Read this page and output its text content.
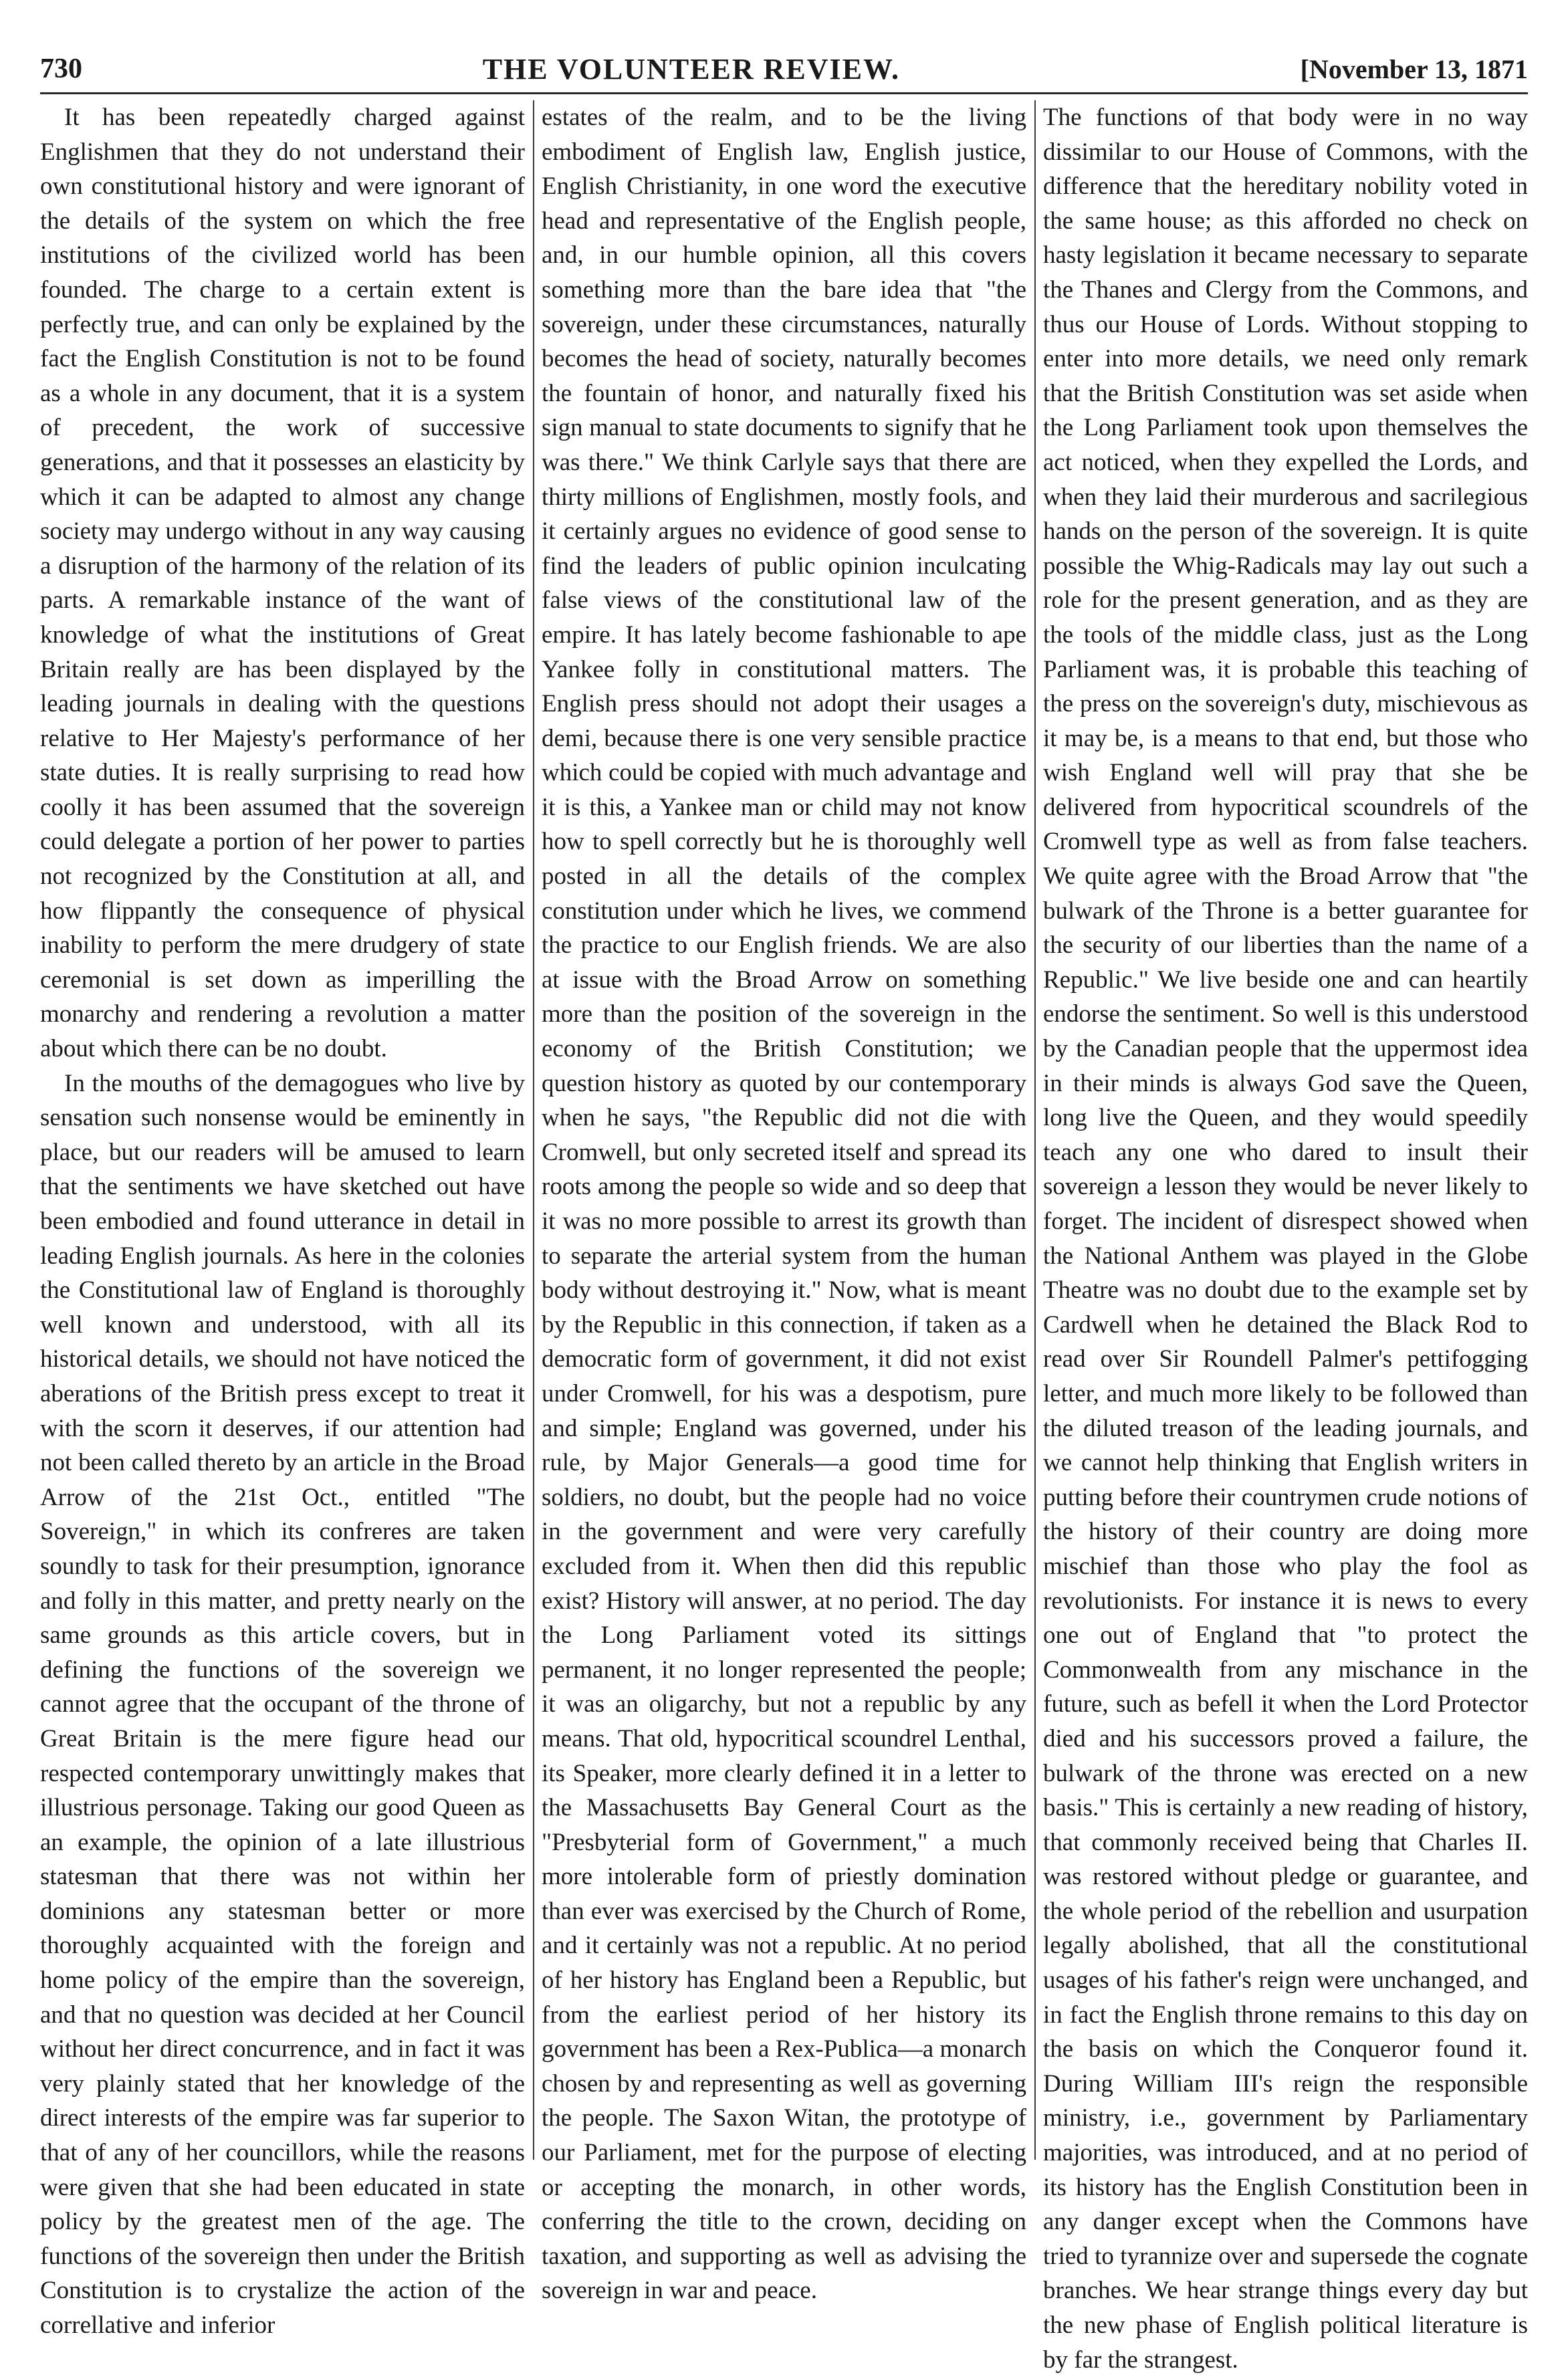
730	THE VOLUNTEER REVIEW.	[November 13, 1871

It has been repeatedly charged against Englishmen that they do not understand their own constitutional history and were ignorant of the details of the system on which the free institutions of the civilized world has been founded. The charge to a certain extent is perfectly true, and can only be explained by the fact the English Constitution is not to be found as a whole in any document, that it is a system of precedent, the work of successive generations, and that it possesses an elasticity by which it can be adapted to almost any change society may undergo without in any way causing a disruption of the harmony of the relation of its parts. A remarkable instance of the want of knowledge of what the institutions of Great Britain really are has been displayed by the leading journals in dealing with the questions relative to Her Majesty's performance of her state duties. It is really surprising to read how coolly it has been assumed that the sovereign could delegate a portion of her power to parties not recognized by the Constitution at all, and how flippantly the consequence of physical inability to perform the mere drudgery of state ceremonial is set down as imperilling the monarchy and rendering a revolution a matter about which there can be no doubt.

In the mouths of the demagogues who live by sensation such nonsense would be eminently in place, but our readers will be amused to learn that the sentiments we have sketched out have been embodied and found utterance in detail in leading English journals. As here in the colonies the Constitutional law of England is thoroughly well known and understood, with all its historical details, we should not have noticed the aberations of the British press except to treat it with the scorn it deserves, if our attention had not been called thereto by an article in the Broad Arrow of the 21st Oct., entitled "The Sovereign," in which its confreres are taken soundly to task for their presumption, ignorance and folly in this matter, and pretty nearly on the same grounds as this article covers, but in defining the functions of the sovereign we cannot agree that the occupant of the throne of Great Britain is the mere figure head our respected contemporary unwittingly makes that illustrious personage. Taking our good Queen as an example, the opinion of a late illustrious statesman that there was not within her dominions any statesman better or more thoroughly acquainted with the foreign and home policy of the empire than the sovereign, and that no question was decided at her Council without her direct concurrence, and in fact it was very plainly stated that her knowledge of the direct interests of the empire was far superior to that of any of her councillors, while the reasons were given that she had been educated in state policy by the greatest men of the age. The functions of the sovereign then under the British Constitution is to crystalize the action of the correllative and inferior

estates of the realm, and to be the living embodiment of English law, English justice, English Christianity, in one word the executive head and representative of the English people, and, in our humble opinion, all this covers something more than the bare idea that "the sovereign, under these circumstances, naturally becomes the head of society, naturally becomes the fountain of honor, and naturally fixed his sign manual to state documents to signify that he was there." We think Carlyle says that there are thirty millions of Englishmen, mostly fools, and it certainly argues no evidence of good sense to find the leaders of public opinion inculcating false views of the constitutional law of the empire. It has lately become fashionable to ape Yankee folly in constitutional matters. The English press should not adopt their usages a demi, because there is one very sensible practice which could be copied with much advantage and it is this, a Yankee man or child may not know how to spell correctly but he is thoroughly well posted in all the details of the complex constitution under which he lives, we commend the practice to our English friends. We are also at issue with the Broad Arrow on something more than the position of the sovereign in the economy of the British Constitution; we question history as quoted by our contemporary when he says, "the Republic did not die with Cromwell, but only secreted itself and spread its roots among the people so wide and so deep that it was no more possible to arrest its growth than to separate the arterial system from the human body without destroying it." Now, what is meant by the Republic in this connection, if taken as a democratic form of government, it did not exist under Cromwell, for his was a despotism, pure and simple; England was governed, under his rule, by Major Generals—a good time for soldiers, no doubt, but the people had no voice in the government and were very carefully excluded from it. When then did this republic exist? History will answer, at no period. The day the Long Parliament voted its sittings permanent, it no longer represented the people; it was an oligarchy, but not a republic by any means. That old, hypocritical scoundrel Lenthal, its Speaker, more clearly defined it in a letter to the Massachusetts Bay General Court as the "Presbyterial form of Government," a much more intolerable form of priestly domination than ever was exercised by the Church of Rome, and it certainly was not a republic. At no period of her history has England been a Republic, but from the earliest period of her history its government has been a Rex-Publica—a monarch chosen by and representing as well as governing the people. The Saxon Witan, the prototype of our Parliament, met for the purpose of electing or accepting the monarch, in other words, conferring the title to the crown, deciding on taxation, and supporting as well as advising the sovereign in war and peace.

The functions of that body were in no way dissimilar to our House of Commons, with the difference that the hereditary nobility voted in the same house; as this afforded no check on hasty legislation it became necessary to separate the Thanes and Clergy from the Commons, and thus our House of Lords. Without stopping to enter into more details, we need only remark that the British Constitution was set aside when the Long Parliament took upon themselves the act noticed, when they expelled the Lords, and when they laid their murderous and sacrilegious hands on the person of the sovereign. It is quite possible the Whig-Radicals may lay out such a role for the present generation, and as they are the tools of the middle class, just as the Long Parliament was, it is probable this teaching of the press on the sovereign's duty, mischievous as it may be, is a means to that end, but those who wish England well will pray that she be delivered from hypocritical scoundrels of the Cromwell type as well as from false teachers. We quite agree with the Broad Arrow that "the bulwark of the Throne is a better guarantee for the security of our liberties than the name of a Republic." We live beside one and can heartily endorse the sentiment. So well is this understood by the Canadian people that the uppermost idea in their minds is always God save the Queen, long live the Queen, and they would speedily teach any one who dared to insult their sovereign a lesson they would be never likely to forget. The incident of disrespect showed when the National Anthem was played in the Globe Theatre was no doubt due to the example set by Cardwell when he detained the Black Rod to read over Sir Roundell Palmer's pettifogging letter, and much more likely to be followed than the diluted treason of the leading journals, and we cannot help thinking that English writers in putting before their countrymen crude notions of the history of their country are doing more mischief than those who play the fool as revolutionists. For instance it is news to every one out of England that "to protect the Commonwealth from any mischance in the future, such as befell it when the Lord Protector died and his successors proved a failure, the bulwark of the throne was erected on a new basis." This is certainly a new reading of history, that commonly received being that Charles II. was restored without pledge or guarantee, and the whole period of the rebellion and usurpation legally abolished, that all the constitutional usages of his father's reign were unchanged, and in fact the English throne remains to this day on the basis on which the Conqueror found it. During William III's reign the responsible ministry, i.e., government by Parliamentary majorities, was introduced, and at no period of its history has the English Constitution been in any danger except when the Commons have tried to tyrannize over and supersede the cognate branches. We hear strange things every day but the new phase of English political literature is by far the strangest.
